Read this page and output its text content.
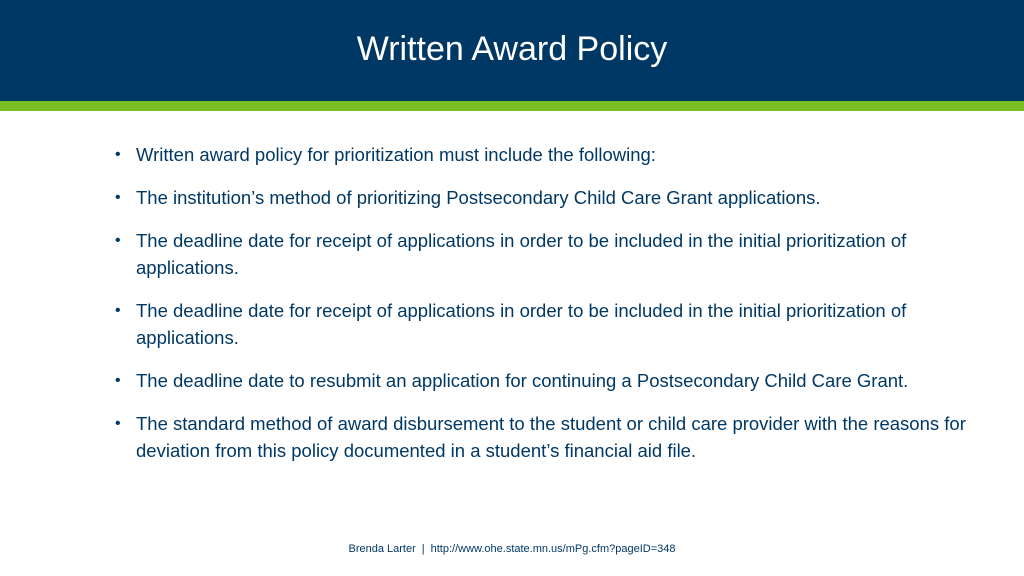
Written Award Policy
• Written award policy for prioritization must include the following:
• The institution’s method of prioritizing Postsecondary Child Care Grant applications.
• The deadline date for receipt of applications in order to be included in the initial prioritization of applications.
• The deadline date for receipt of applications in order to be included in the initial prioritization of applications.
• The deadline date to resubmit an application for continuing a Postsecondary Child Care Grant.
• The standard method of award disbursement to the student or child care provider with the reasons for deviation from this policy documented in a student’s financial aid file.
Brenda Larter | http://www.ohe.state.mn.us/mPg.cfm?pageID=348
